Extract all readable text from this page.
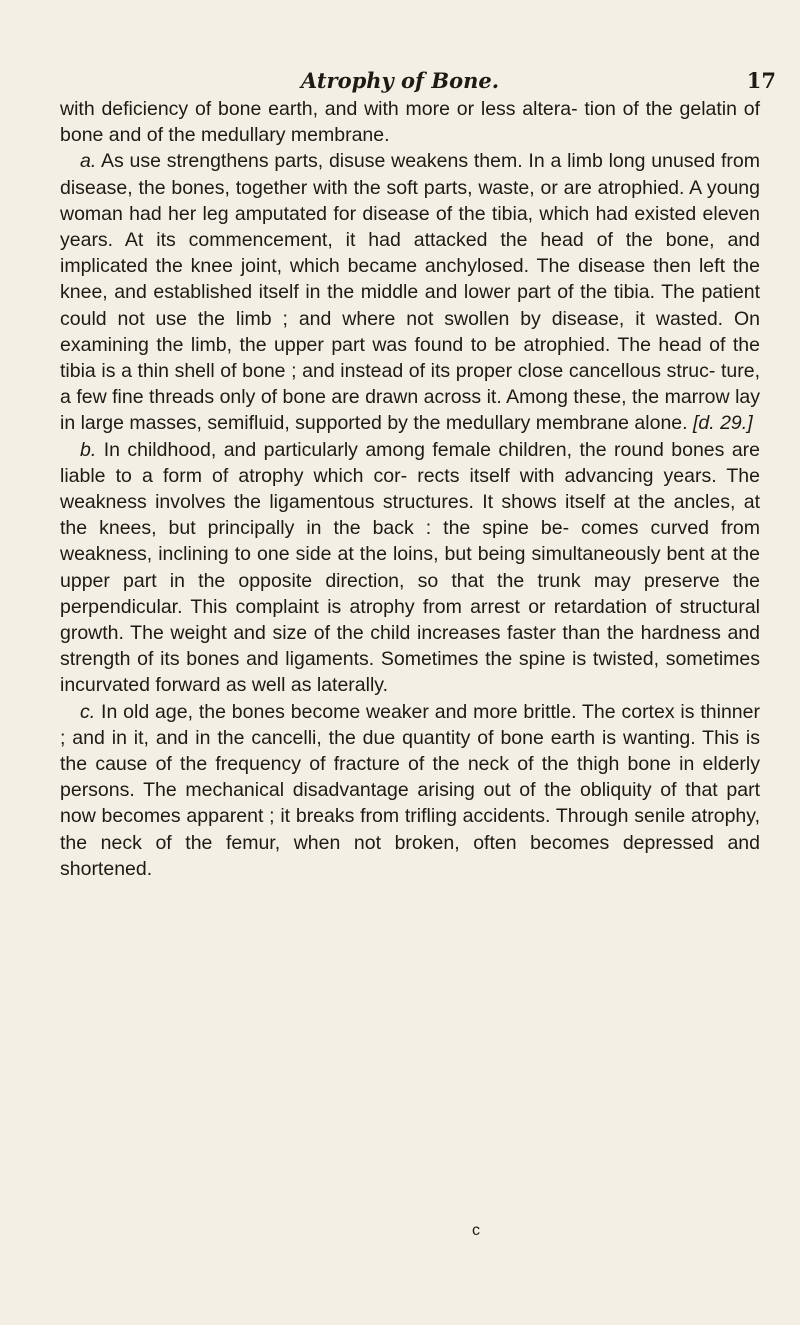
Atrophy of Bone.	17

with deficiency of bone earth, and with more or less altera- tion of the gelatin of bone and of the medullary membrane.

a. As use strengthens parts, disuse weakens them. In a limb long unused from disease, the bones, together with the soft parts, waste, or are atrophied. A young woman had her leg amputated for disease of the tibia, which had existed eleven years. At its commencement, it had attacked the head of the bone, and implicated the knee joint, which became anchylosed. The disease then left the knee, and established itself in the middle and lower part of the tibia. The patient could not use the limb ; and where not swollen by disease, it wasted. On examining the limb, the upper part was found to be atrophied. The head of the tibia is a thin shell of bone ; and instead of its proper close cancellous struc- ture, a few fine threads only of bone are drawn across it. Among these, the marrow lay in large masses, semifluid, supported by the medullary membrane alone. [d. 29.]

b. In childhood, and particularly among female children, the round bones are liable to a form of atrophy which cor- rects itself with advancing years. The weakness involves the ligamentous structures. It shows itself at the ancles, at the knees, but principally in the back : the spine be- comes curved from weakness, inclining to one side at the loins, but being simultaneously bent at the upper part in the opposite direction, so that the trunk may preserve the perpendicular. This complaint is atrophy from arrest or retardation of structural growth. The weight and size of the child increases faster than the hardness and strength of its bones and ligaments. Sometimes the spine is twisted, sometimes incurvated forward as well as laterally.

c. In old age, the bones become weaker and more brittle. The cortex is thinner ; and in it, and in the cancelli, the due quantity of bone earth is wanting. This is the cause of the frequency of fracture of the neck of the thigh bone in elderly persons. The mechanical disadvantage arising out of the obliquity of that part now becomes apparent ; it breaks from trifling accidents. Through senile atrophy, the neck of the femur, when not broken, often becomes depressed and shortened.

c
